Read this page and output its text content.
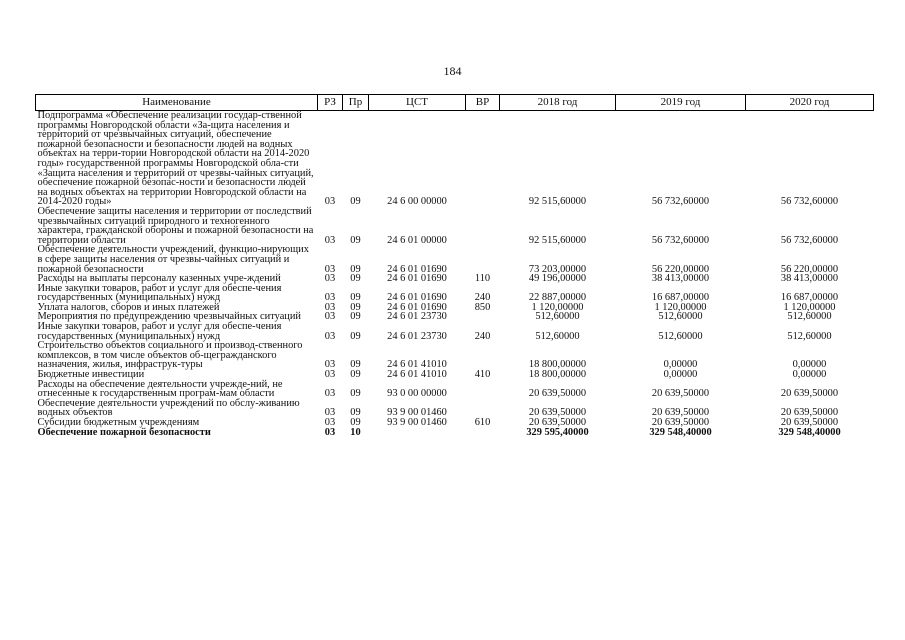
184
Наименование	РЗ	Пр	ЦСТ	ВР	2018 год	2019 год	2020 год
Подпрограмма «Обеспечение реализации государ-ственной программы Новгородской области «За-щита населения и территорий от чрезвычайных ситуаций, обеспечение пожарной безопасности и безопасности людей на водных объектах на терри-тории Новгородской области на 2014-2020 годы» государственной программы Новгородской обла-сти «Защита населения и территорий от чрезвы-чайных ситуаций, обеспечение пожарной безопас-ности и безопасности людей на водных объектах на территории Новгородской области на 2014-2020 годы»	03	09	24 6 00 00000		92 515,60000	56 732,60000	56 732,60000
Обеспечение защиты населения и территории от последствий чрезвычайных ситуаций природного и техногенного характера, гражданской обороны и пожарной безопасности на территории области	03	09	24 6 01 00000		92 515,60000	56 732,60000	56 732,60000
Обеспечение деятельности учреждений, функцио-нирующих в сфере защиты населения от чрезвы-чайных ситуаций и пожарной безопасности	03	09	24 6 01 01690		73 203,00000	56 220,00000	56 220,00000
Расходы на выплаты персоналу казенных учре-ждений	03	09	24 6 01 01690	110	49 196,00000	38 413,00000	38 413,00000
Иные закупки товаров, работ и услуг для обеспе-чения государственных (муниципальных) нужд	03	09	24 6 01 01690	240	22 887,00000	16 687,00000	16 687,00000
Уплата налогов, сборов и иных платежей	03	09	24 6 01 01690	850	1 120,00000	1 120,00000	1 120,00000
Мероприятия по предупреждению чрезвычайных ситуаций	03	09	24 6 01 23730		512,60000	512,60000	512,60000
Иные закупки товаров, работ и услуг для обеспе-чения государственных (муниципальных) нужд	03	09	24 6 01 23730	240	512,60000	512,60000	512,60000
Строительство объектов социального и производ-ственного комплексов, в том числе объектов об-щегражданского назначения, жилья, инфраструк-туры	03	09	24 6 01 41010		18 800,00000	0,00000	0,00000
Бюджетные инвестиции	03	09	24 6 01 41010	410	18 800,00000	0,00000	0,00000
Расходы на обеспечение деятельности учрежде-ний, не отнесенные к государственным програм-мам области	03	09	93 0 00 00000		20 639,50000	20 639,50000	20 639,50000
Обеспечение деятельности учреждений по обслу-живанию водных объектов	03	09	93 9 00 01460		20 639,50000	20 639,50000	20 639,50000
Субсидии бюджетным учреждениям	03	09	93 9 00 01460	610	20 639,50000	20 639,50000	20 639,50000
Обеспечение пожарной безопасности	03	10			329 595,40000	329 548,40000	329 548,40000
